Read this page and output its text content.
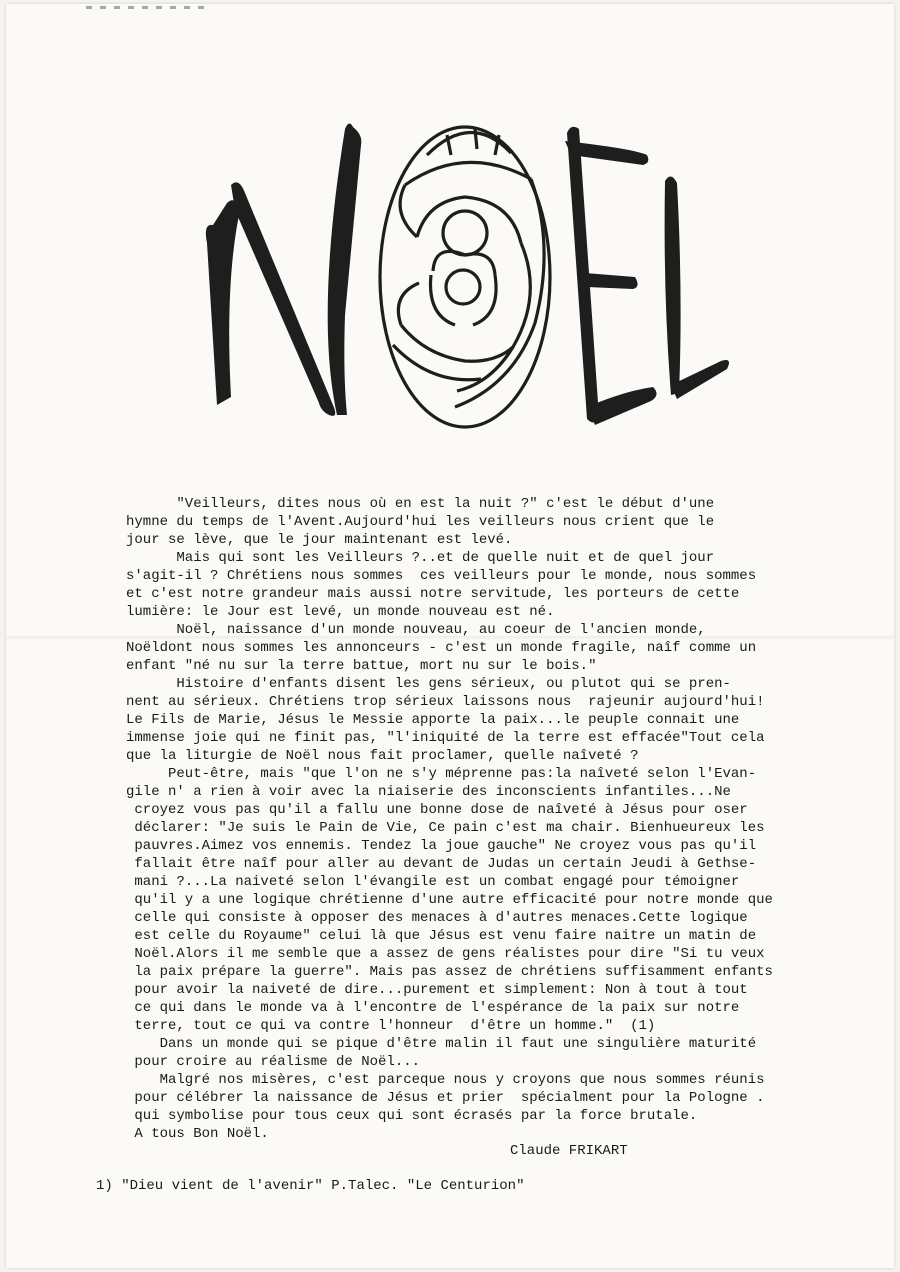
"Veilleurs, dites nous où en est la nuit ?" c'est le début d'une
hymne du temps de l'Avent.Aujourd'hui les veilleurs nous crient que le
jour se lève, que le jour maintenant est levé.
Mais qui sont les Veilleurs ?..et de quelle nuit et de quel jour
s'agit-il ? Chrétiens nous sommes  ces veilleurs pour le monde, nous sommes
et c'est notre grandeur mais aussi notre servitude, les porteurs de cette
lumière: le Jour est levé, un monde nouveau est né.
Noël, naissance d'un monde nouveau, au coeur de l'ancien monde,
Noëldont nous sommes les annonceurs - c'est un monde fragile, naîf comme un
enfant "né nu sur la terre battue, mort nu sur le bois."
Histoire d'enfants disent les gens sérieux, ou plutot qui se pren-
nent au sérieux. Chrétiens trop sérieux laissons nous  rajeunir aujourd'hui!
Le Fils de Marie, Jésus le Messie apporte la paix...le peuple connait une
immense joie qui ne finit pas, "l'iniquité de la terre est effacée"Tout cela
que la liturgie de Noël nous fait proclamer, quelle naîveté ?
Peut-être, mais "que l'on ne s'y méprenne pas:la naîveté selon l'Evan-
gile n' a rien à voir avec la niaiserie des inconscients infantiles...Ne
croyez vous pas qu'il a fallu une bonne dose de naîveté à Jésus pour oser
déclarer: "Je suis le Pain de Vie, Ce pain c'est ma chair. Bienhueureux les
pauvres.Aimez vos ennemis. Tendez la joue gauche" Ne croyez vous pas qu'il
fallait être naîf pour aller au devant de Judas un certain Jeudi à Gethse-
mani ?...La naiveté selon l'évangile est un combat engagé pour témoigner
qu'il y a une logique chrétienne d'une autre efficacité pour notre monde que
celle qui consiste à opposer des menaces à d'autres menaces.Cette logique
est celle du Royaume" celui là que Jésus est venu faire naitre un matin de
Noël.Alors il me semble que a assez de gens réalistes pour dire "Si tu veux
la paix prépare la guerre". Mais pas assez de chrétiens suffisamment enfants
pour avoir la naiveté de dire...purement et simplement: Non à tout à tout
ce qui dans le monde va à l'encontre de l'espérance de la paix sur notre
terre, tout ce qui va contre l'honneur  d'être un homme."  (1)
Dans un monde qui se pique d'être malin il faut une singulière maturité
pour croire au réalisme de Noël...
Malgré nos misères, c'est parceque nous y croyons que nous sommes réunis
pour célébrer la naissance de Jésus et prier  spécialment pour la Pologne .
qui symbolise pour tous ceux qui sont écrasés par la force brutale.
A tous Bon Noël.
Claude FRIKART
1) "Dieu vient de l'avenir" P.Talec. "Le Centurion"
